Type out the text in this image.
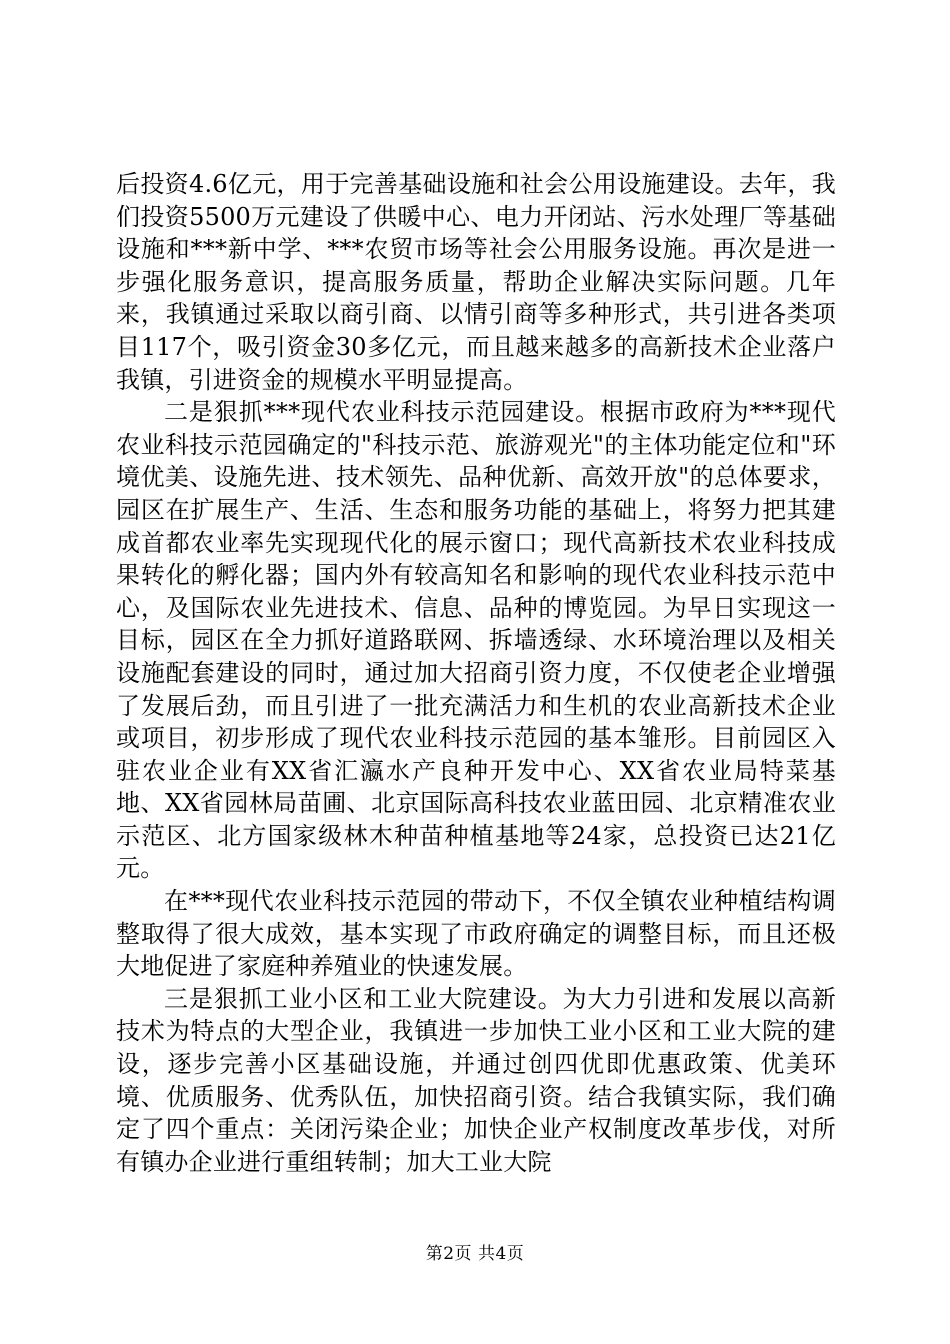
后投资4.6亿元，用于完善基础设施和社会公用设施建设。去年，我们投资5500万元建设了供暖中心、电力开闭站、污水处理厂等基础设施和***新中学、***农贸市场等社会公用服务设施。再次是进一步强化服务意识，提高服务质量，帮助企业解决实际问题。几年来，我镇通过采取以商引商、以情引商等多种形式，共引进各类项目117个，吸引资金30多亿元，而且越来越多的高新技术企业落户我镇，引进资金的规模水平明显提高。

二是狠抓***现代农业科技示范园建设。根据市政府为***现代农业科技示范园确定的"科技示范、旅游观光"的主体功能定位和"环境优美、设施先进、技术领先、品种优新、高效开放"的总体要求，园区在扩展生产、生活、生态和服务功能的基础上，将努力把其建成首都农业率先实现现代化的展示窗口；现代高新技术农业科技成果转化的孵化器；国内外有较高知名和影响的现代农业科技示范中心，及国际农业先进技术、信息、品种的博览园。为早日实现这一目标，园区在全力抓好道路联网、拆墙透绿、水环境治理以及相关设施配套建设的同时，通过加大招商引资力度，不仅使老企业增强了发展后劲，而且引进了一批充满活力和生机的农业高新技术企业或项目，初步形成了现代农业科技示范园的基本雏形。目前园区入驻农业企业有XX省汇瀛水产良种开发中心、XX省农业局特菜基地、XX省园林局苗圃、北京国际高科技农业蓝田园、北京精准农业示范区、北方国家级林木种苗种植基地等24家，总投资已达21亿元。

在***现代农业科技示范园的带动下，不仅全镇农业种植结构调整取得了很大成效，基本实现了市政府确定的调整目标，而且还极大地促进了家庭种养殖业的快速发展。

三是狠抓工业小区和工业大院建设。为大力引进和发展以高新技术为特点的大型企业，我镇进一步加快工业小区和工业大院的建设，逐步完善小区基础设施，并通过创四优即优惠政策、优美环境、优质服务、优秀队伍，加快招商引资。结合我镇实际，我们确定了四个重点：关闭污染企业；加快企业产权制度改革步伐，对所有镇办企业进行重组转制；加大工业大院

第2页 共4页
